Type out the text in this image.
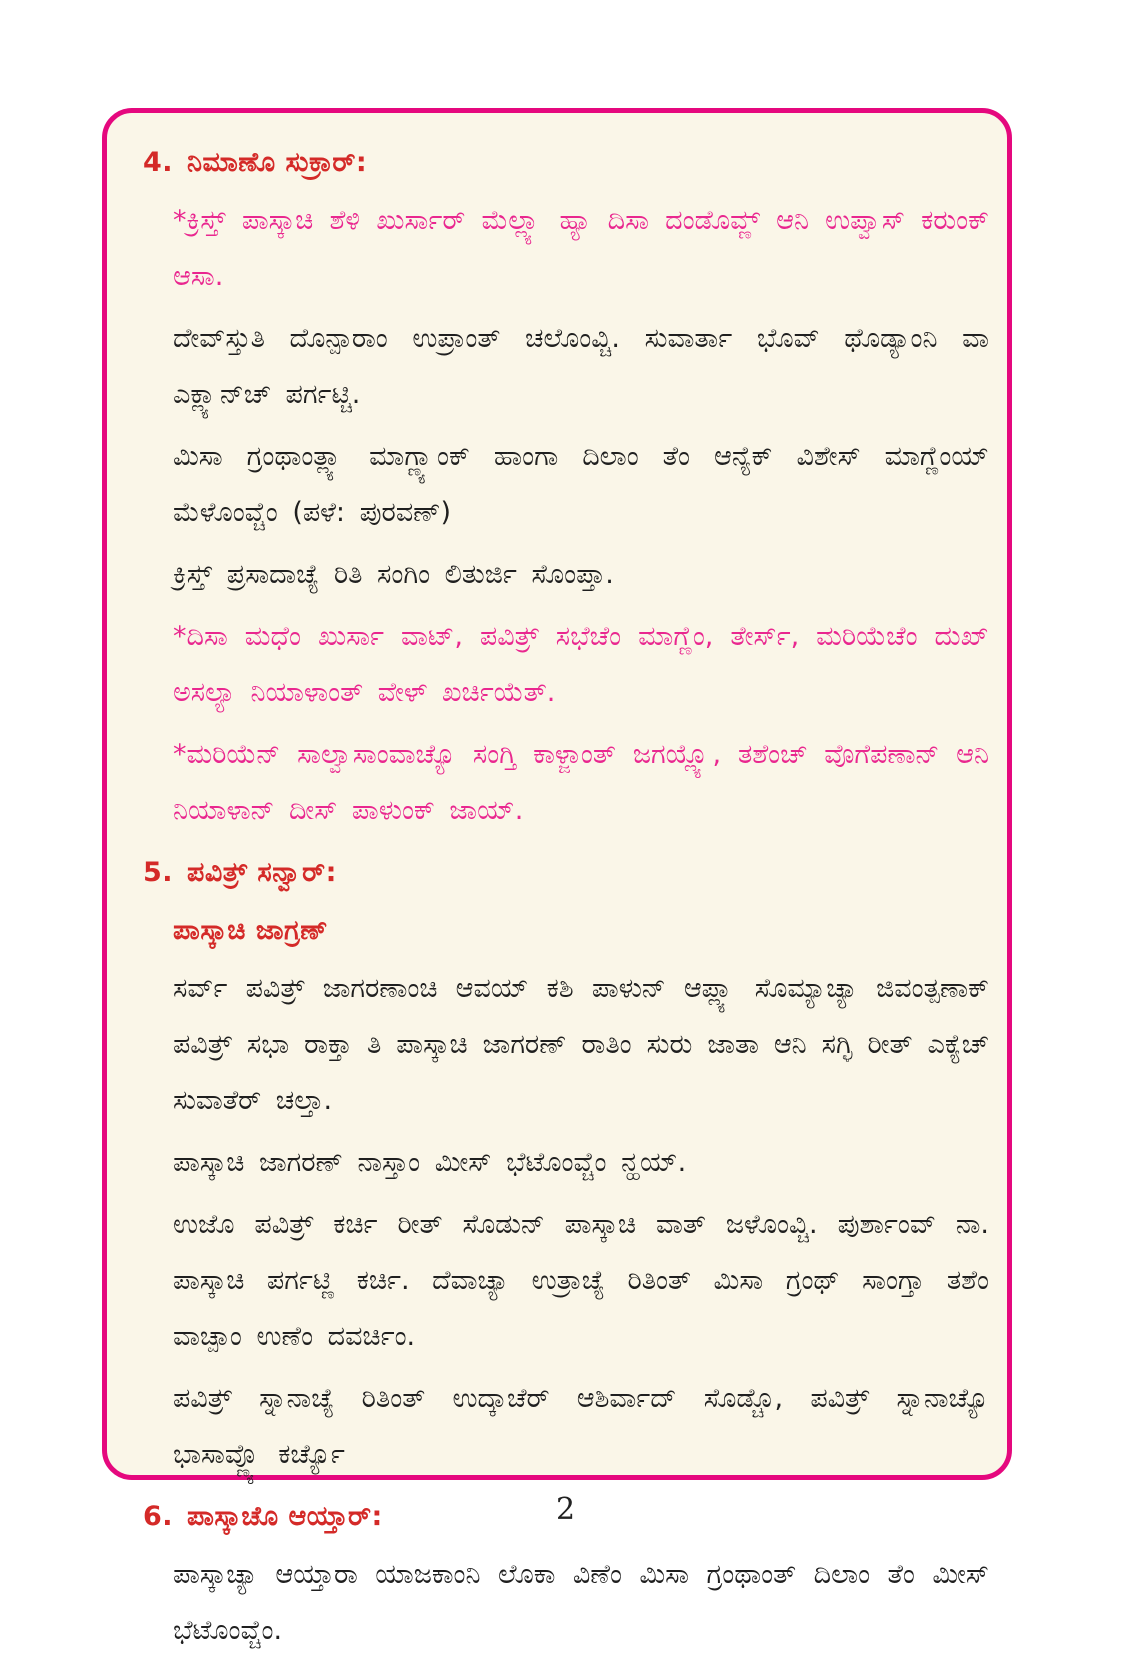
4. ನಿಮಾಣೊ ಸುಕ್ರಾರ್:

*ಕ್ರಿಸ್ತ್ ಪಾಸ್ಕಾಚಿ ಶೆಳಿ ಖುರ್ಸಾರ್ ಮೆಲ್ಲ್ಯಾ ಹ್ಯಾ ದಿಸಾ ದಂಡೊವ್ಣ್ ಆನಿ ಉಪ್ವಾಸ್ ಕರುಂಕ್ ಆಸಾ.

ದೇವ್‌ಸ್ತುತಿ ದೊನ್ಪಾರಾಂ ಉಪ್ರಾಂತ್ ಚಲೊಂವ್ಚಿ. ಸುವಾರ್ತಾ ಭೊವ್ ಥೊಡ್ಯಾಂನಿ ವಾ ಎಕ್ಲ್ಯಾನ್‌ಚ್ ಪರ್ಗಟ್ಚಿ.

ಮಿಸಾ ಗ್ರಂಥಾಂತ್ಲ್ಯಾ ಮಾಗ್ಣ್ಯಾಂಕ್ ಹಾಂಗಾ ದಿಲಾಂ ತೆಂ ಆನ್ಯೆಕ್ ವಿಶೇಸ್ ಮಾಗ್ಣೆಂಯ್ ಮೆಳೊಂವ್ಚೆಂ (ಪಳೆ: ಪುರವಣ್)

ಕ್ರಿಸ್ತ್ ಪ್ರಸಾದಾಚ್ಯೆ ರಿತಿ ಸಂಗಿಂ ಲಿತುರ್ಜಿ ಸೊಂಪ್ತಾ.

*ದಿಸಾ ಮಧೆಂ ಖುರ್ಸಾ ವಾಟ್, ಪವಿತ್ರ್ ಸಭೆಚೆಂ ಮಾಗ್ಣೆಂ, ತೇರ್ಸ್, ಮರಿಯೆಚೆಂ ದುಖ್ ಅಸಲ್ಯಾ ನಿಯಾಳಾಂತ್ ವೇಳ್ ಖರ್ಚಿಯೆತ್.

*ಮರಿಯೆನ್ ಸಾಲ್ವಾಸಾಂವಾಚ್ಯೊ ಸಂಗ್ತಿ ಕಾಳ್ಜಾಂತ್ ಜಗಯ್ಲ್ಯೊ, ತಶೆಂಚ್ ವೊಗೆಪಣಾನ್ ಆನಿ ನಿಯಾಳಾನ್ ದೀಸ್ ಪಾಳುಂಕ್ ಜಾಯ್.

5. ಪವಿತ್ರ್ ಸನ್ವಾರ್:
ಪಾಸ್ಕಾಚಿ ಜಾಗ್ರಣ್

ಸರ್ವ್ ಪವಿತ್ರ್ ಜಾಗರಣಾಂಚಿ ಆವಯ್ ಕಶಿ ಪಾಳುನ್ ಆಪ್ಲ್ಯಾ ಸೊಮ್ಯಾಚ್ಯಾ ಜಿವಂತ್ಪಣಾಕ್ ಪವಿತ್ರ್ ಸಭಾ ರಾಕ್ತಾ ತಿ ಪಾಸ್ಕಾಚಿ ಜಾಗರಣ್ ರಾತಿಂ ಸುರು ಜಾತಾ ಆನಿ ಸಗ್ಳಿ ರೀತ್ ಎಕ್ಯೆಚ್ ಸುವಾತೆರ್ ಚಲ್ತಾ.

ಪಾಸ್ಕಾಚಿ ಜಾಗರಣ್ ನಾಸ್ತಾಂ ಮೀಸ್ ಭೆಟೊಂವ್ಚೆಂ ನ್ಹಯ್.

ಉಜೊ ಪವಿತ್ರ್ ಕರ್ಚಿ ರೀತ್ ಸೊಡುನ್ ಪಾಸ್ಕಾಚಿ ವಾತ್ ಜಳೊಂವ್ಚಿ. ಪುರ್ಶಾಂವ್ ನಾ. ಪಾಸ್ಕಾಚಿ ಪರ್ಗಟ್ಣಿ ಕರ್ಚಿ. ದೆವಾಚ್ಯಾ ಉತ್ರಾಚ್ಯೆ ರಿತಿಂತ್ ಮಿಸಾ ಗ್ರಂಥ್ ಸಾಂಗ್ತಾ ತಶೆಂ ವಾಚ್ಪಾಂ ಉಣೆಂ ದವರ್ಚಿಂ.

ಪವಿತ್ರ್ ಸ್ನಾನಾಚ್ಯೆ ರಿತಿಂತ್ ಉದ್ಕಾಚೆರ್ ಆಶಿರ್ವಾದ್ ಸೊಡ್ಚೊ, ಪವಿತ್ರ್ ಸ್ನಾನಾಚ್ಯೊ ಭಾಸಾವ್ಣ್ಯೊ ಕರ್ಚ್ಯೊ

6. ಪಾಸ್ಕಾಚೊ ಆಯ್ತಾರ್:

ಪಾಸ್ಕಾಚ್ಯಾ ಆಯ್ತಾರಾ ಯಾಜಕಾಂನಿ ಲೊಕಾ ವಿಣೆಂ ಮಿಸಾ ಗ್ರಂಥಾಂತ್ ದಿಲಾಂ ತೆಂ ಮೀಸ್ ಭೆಟೊಂವ್ಚೆಂ.

2
